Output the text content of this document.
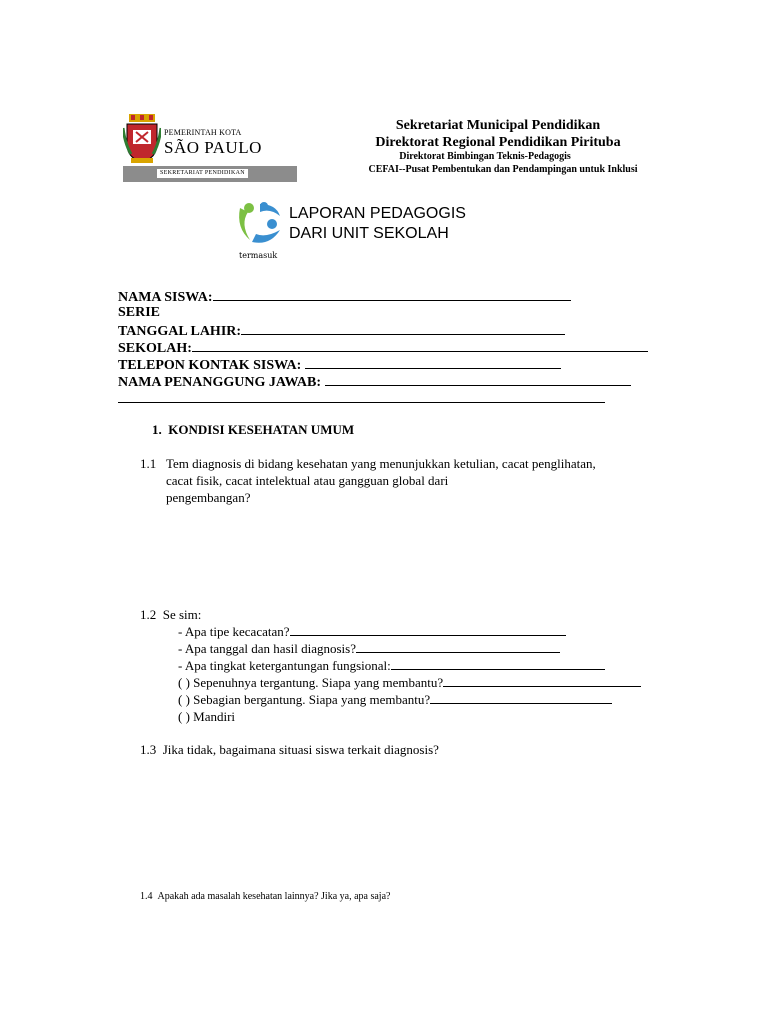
PEMERINTAH KOTA
SÃO PAULO
SEKRETARIAT PENDIDIKAN
Sekretariat Municipal Pendidikan
Direktorat Regional Pendidikan Pirituba
Direktorat Bimbingan Teknis-Pedagogis
CEFAI--Pusat Pembentukan dan Pendampingan untuk Inklusi
termasuk
LAPORAN PEDAGOGIS
DARI UNIT SEKOLAH
NAMA SISWA:
SERIE
TANGGAL LAHIR:
SEKOLAH:
TELEPON KONTAK SISWA:
NAMA PENANGGUNG JAWAB:
1. KONDISI KESEHATAN UMUM
1.1 Tem diagnosis di bidang kesehatan yang menunjukkan ketulian, cacat penglihatan,
cacat fisik, cacat intelektual atau gangguan global dari
pengembangan?
1.2 Se sim:
- Apa tipe kecacatan?
- Apa tanggal dan hasil diagnosis?
- Apa tingkat ketergantungan fungsional:
( ) Sepenuhnya tergantung. Siapa yang membantu?
( ) Sebagian bergantung. Siapa yang membantu?
( ) Mandiri
1.3 Jika tidak, bagaimana situasi siswa terkait diagnosis?
1.4 Apakah ada masalah kesehatan lainnya? Jika ya, apa saja?
